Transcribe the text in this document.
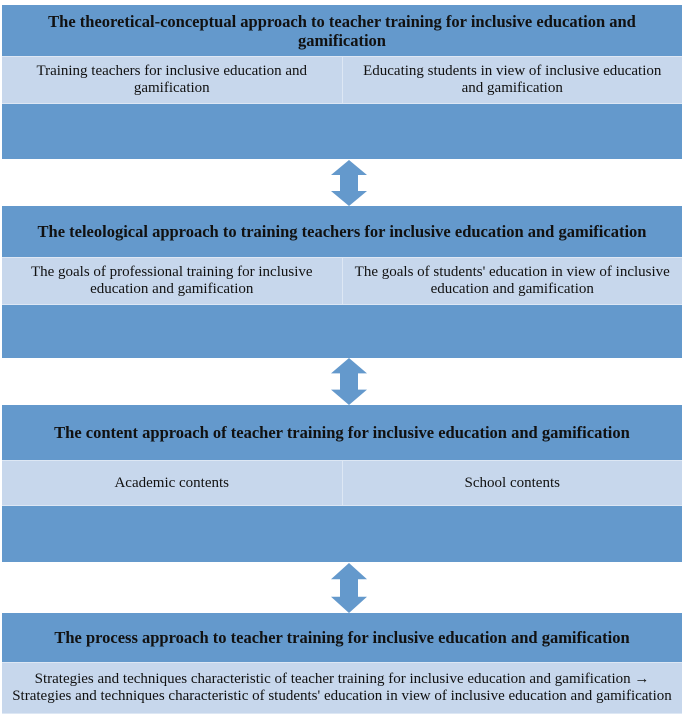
The theoretical-conceptual approach to teacher training for inclusive education and gamification
Training teachers for inclusive education and gamification
Educating students in view of inclusive education and gamification
The teleological approach to training teachers for inclusive education and gamification
The goals of professional training for inclusive education and gamification
The goals of students' education in view of inclusive education and gamification
The content approach of teacher training for inclusive education and gamification
Academic contents	School contents
The process approach to teacher training for inclusive education and gamification
Strategies and techniques characteristic of teacher training for inclusive education and gamification → Strategies and techniques characteristic of students' education in view of inclusive education and gamification
